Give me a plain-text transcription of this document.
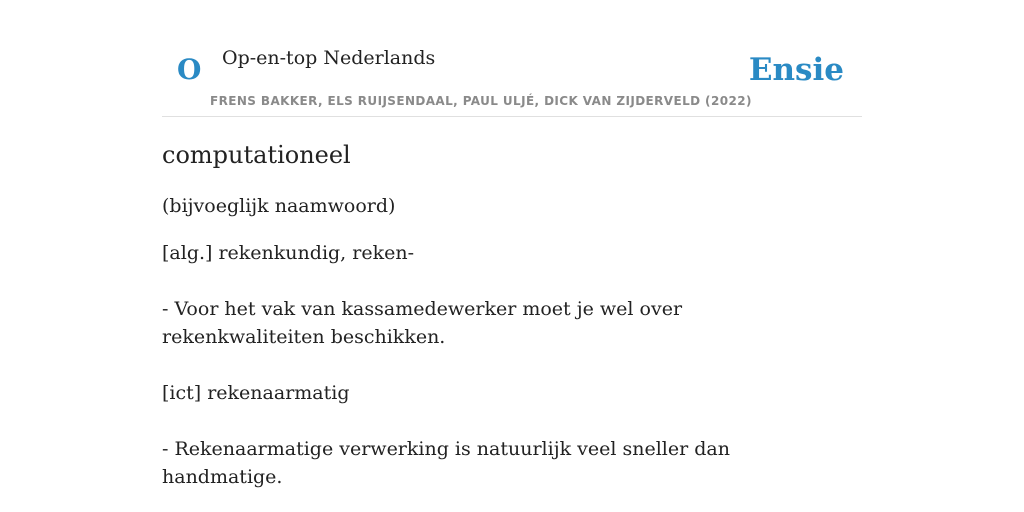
O Op-en-top Nederlands
FRENS BAKKER, ELS RUIJSENDAAL, PAUL ULJÉ, DICK VAN ZIJDERVELD (2022)
Ensie
computationeel
(bijvoeglijk naamwoord)
[alg.] rekenkundig, reken-
- Voor het vak van kassamedewerker moet je wel over rekenkwaliteiten beschikken.
[ict] rekenaarmatig
- Rekenaarmatige verwerking is natuurlijk veel sneller dan handmatige.
